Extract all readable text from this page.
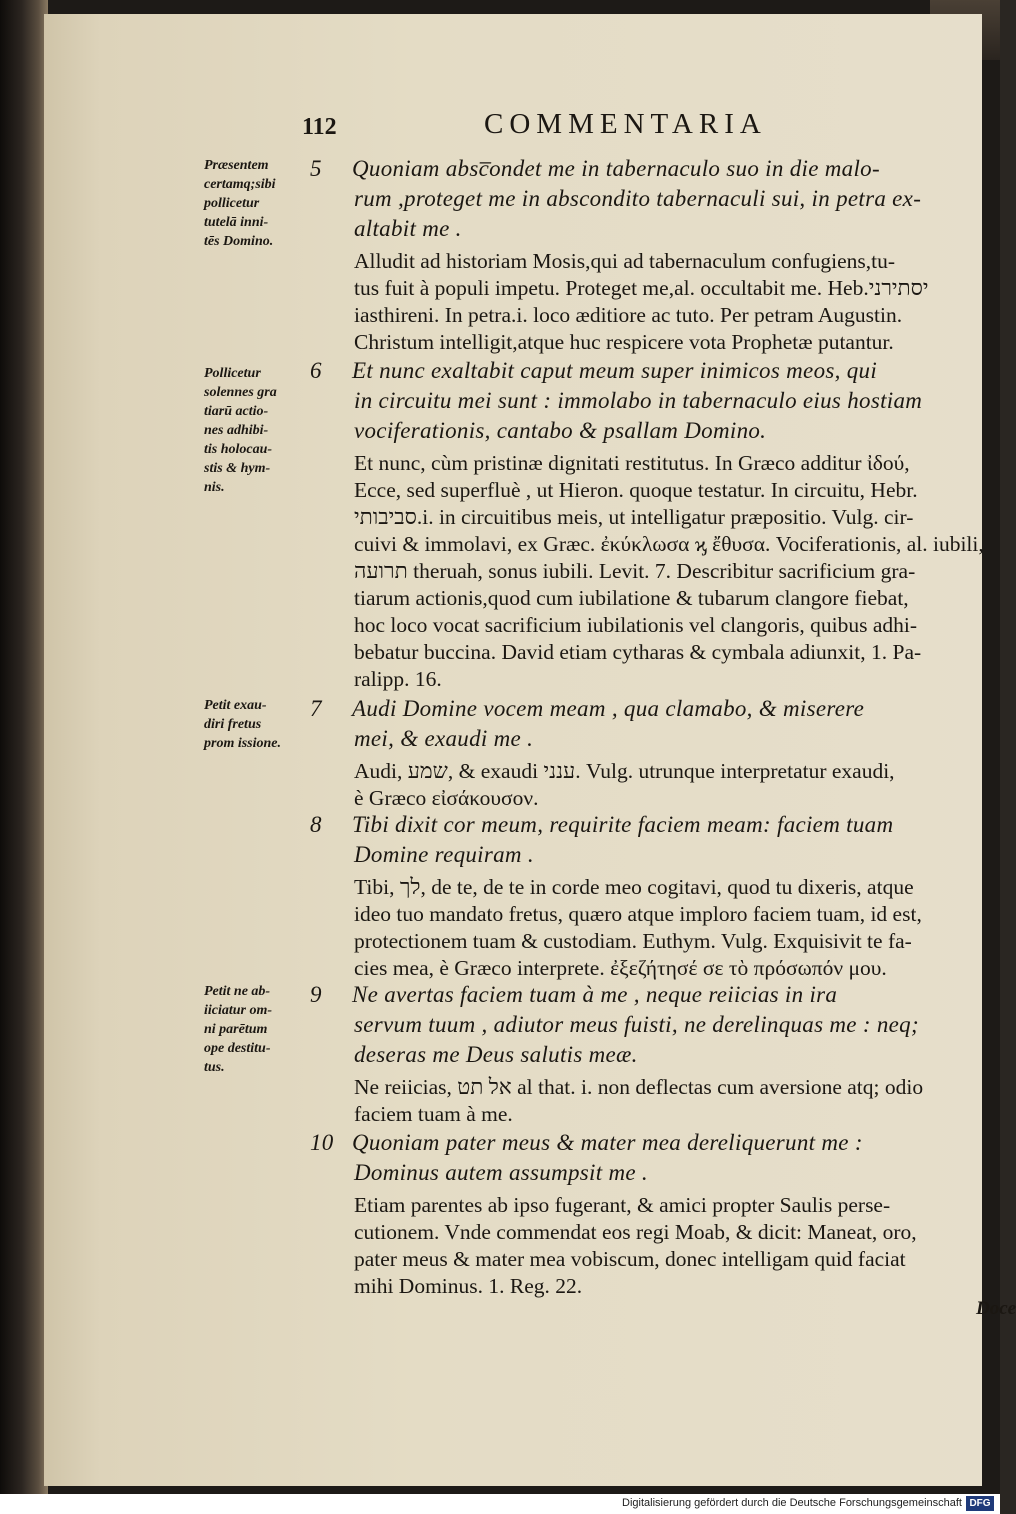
112	COMMENTARIA
Præsentem
certamq;sibi
pollicetur
tutelā inni-
tēs Domino.
Pollicetur
solennes gra
tiarū actio-
nes adhibi-
tis holocau-
stis & hym-
nis.
Petit exau-
diri fretus
prom issione.
Petit ne ab-
iiciatur om-
ni parētum
ope destitu-
tus.
5 Quoniam absc̅ondet me in tabernaculo suo in die malo-
rum ,proteget me in abscondito tabernaculi sui, in petra ex-
altabit me .
Alludit ad historiam Mosis,qui ad tabernaculum confugiens,tu-
tus fuit à populi impetu. Proteget me,al. occultabit me. Heb.יסתירני
iasthireni. In petra.i. loco æditiore ac tuto. Per petram Augustin.
Christum intelligit,atque huc respicere vota Prophetæ putantur.
6 Et nunc exaltabit caput meum super inimicos meos, qui
in circuitu mei sunt : immolabo in tabernaculo eius hostiam
vociferationis, cantabo & psallam Domino.
Et nunc, cùm pristinæ dignitati restitutus. In Græco additur ἰδού,
Ecce, sed superfluè , ut Hieron. quoque testatur. In circuitu, Hebr.
סביבותי.i. in circuitibus meis, ut intelligatur præpositio. Vulg. cir-
cuivi & immolavi, ex Græc. ἐκύκλωσα ϗ ἔθυσα. Vociferationis, al. iubili,
תרועה theruah, sonus iubili. Levit. 7. Describitur sacrificium gra-
tiarum actionis,quod cum iubilatione & tubarum clangore fiebat,
hoc loco vocat sacrificium iubilationis vel clangoris, quibus adhi-
bebatur buccina. David etiam cytharas & cymbala adiunxit, 1. Pa-
ralipp. 16.
7 Audi Domine vocem meam , qua clamabo, & miserere
mei, & exaudi me .
Audi, שמע, & exaudi ענני. Vulg. utrunque interpretatur exaudi,
è Græco εἰσάκουσον.
8 Tibi dixit cor meum, requirite faciem meam: faciem tuam
Domine requiram .
Tibi, לך, de te, de te in corde meo cogitavi, quod tu dixeris, atque
ideo tuo mandato fretus, quæro atque imploro faciem tuam, id est,
protectionem tuam & custodiam. Euthym. Vulg. Exquisivit te fa-
cies mea, è Græco interprete. ἐξεζήτησέ σε τὸ πρόσωπόν μου.
9 Ne avertas faciem tuam à me , neque reiicias in ira
servum tuum , adiutor meus fuisti, ne derelinquas me : neq;
deseras me Deus salutis meæ.
Ne reiicias, אל תט al that. i. non deflectas cum aversione atq; odio
faciem tuam à me.
10 Quoniam pater meus & mater mea dereliquerunt me :
Dominus autem assumpsit me .
Etiam parentes ab ipso fugerant, & amici propter Saulis perse-
cutionem. Vnde commendat eos regi Moab, & dicit: Maneat, oro,
pater meus & mater mea vobiscum, donec intelligam quid faciat
mihi Dominus. 1. Reg. 22.
Doce
Digitalisierung gefördert durch die Deutsche Forschungsgemeinschaft DFG
